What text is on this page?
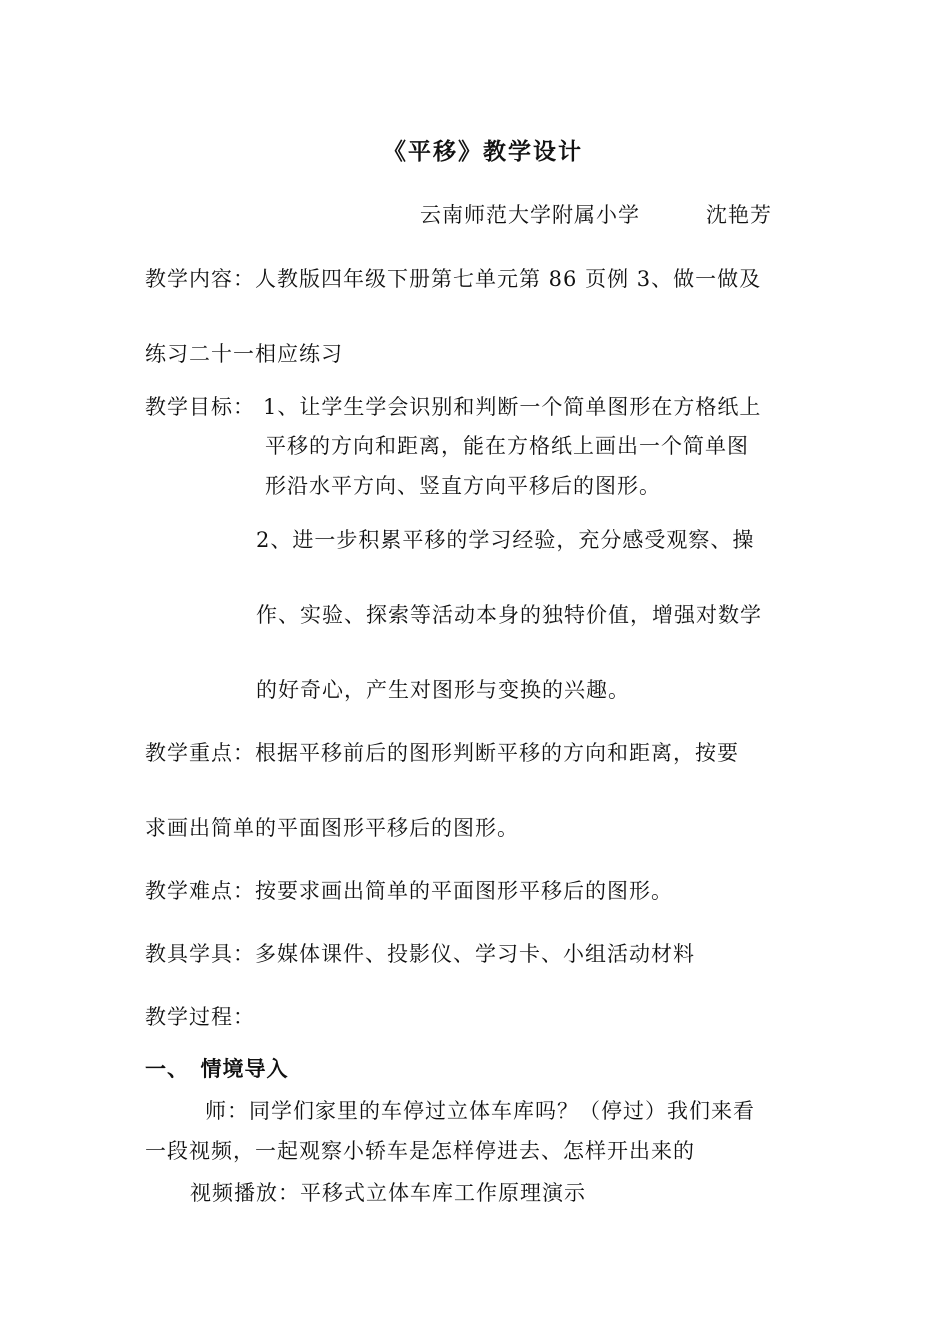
《平移》教学设计
云南师范大学附属小学　　　沈艳芳
教学内容：人教版四年级下册第七单元第 86 页例 3、做一做及
练习二十一相应练习
教学目标： 1、让学生学会识别和判断一个简单图形在方格纸上
平移的方向和距离，能在方格纸上画出一个简单图
形沿水平方向、竖直方向平移后的图形。
2、进一步积累平移的学习经验，充分感受观察、操
作、实验、探索等活动本身的独特价值，增强对数学
的好奇心，产生对图形与变换的兴趣。
教学重点：根据平移前后的图形判断平移的方向和距离，按要
求画出简单的平面图形平移后的图形。
教学难点：按要求画出简单的平面图形平移后的图形。
教具学具：多媒体课件、投影仪、学习卡、小组活动材料
教学过程：
一、　情境导入
师：同学们家里的车停过立体车库吗？（停过）我们来看
一段视频，一起观察小轿车是怎样停进去、怎样开出来的
视频播放：平移式立体车库工作原理演示
